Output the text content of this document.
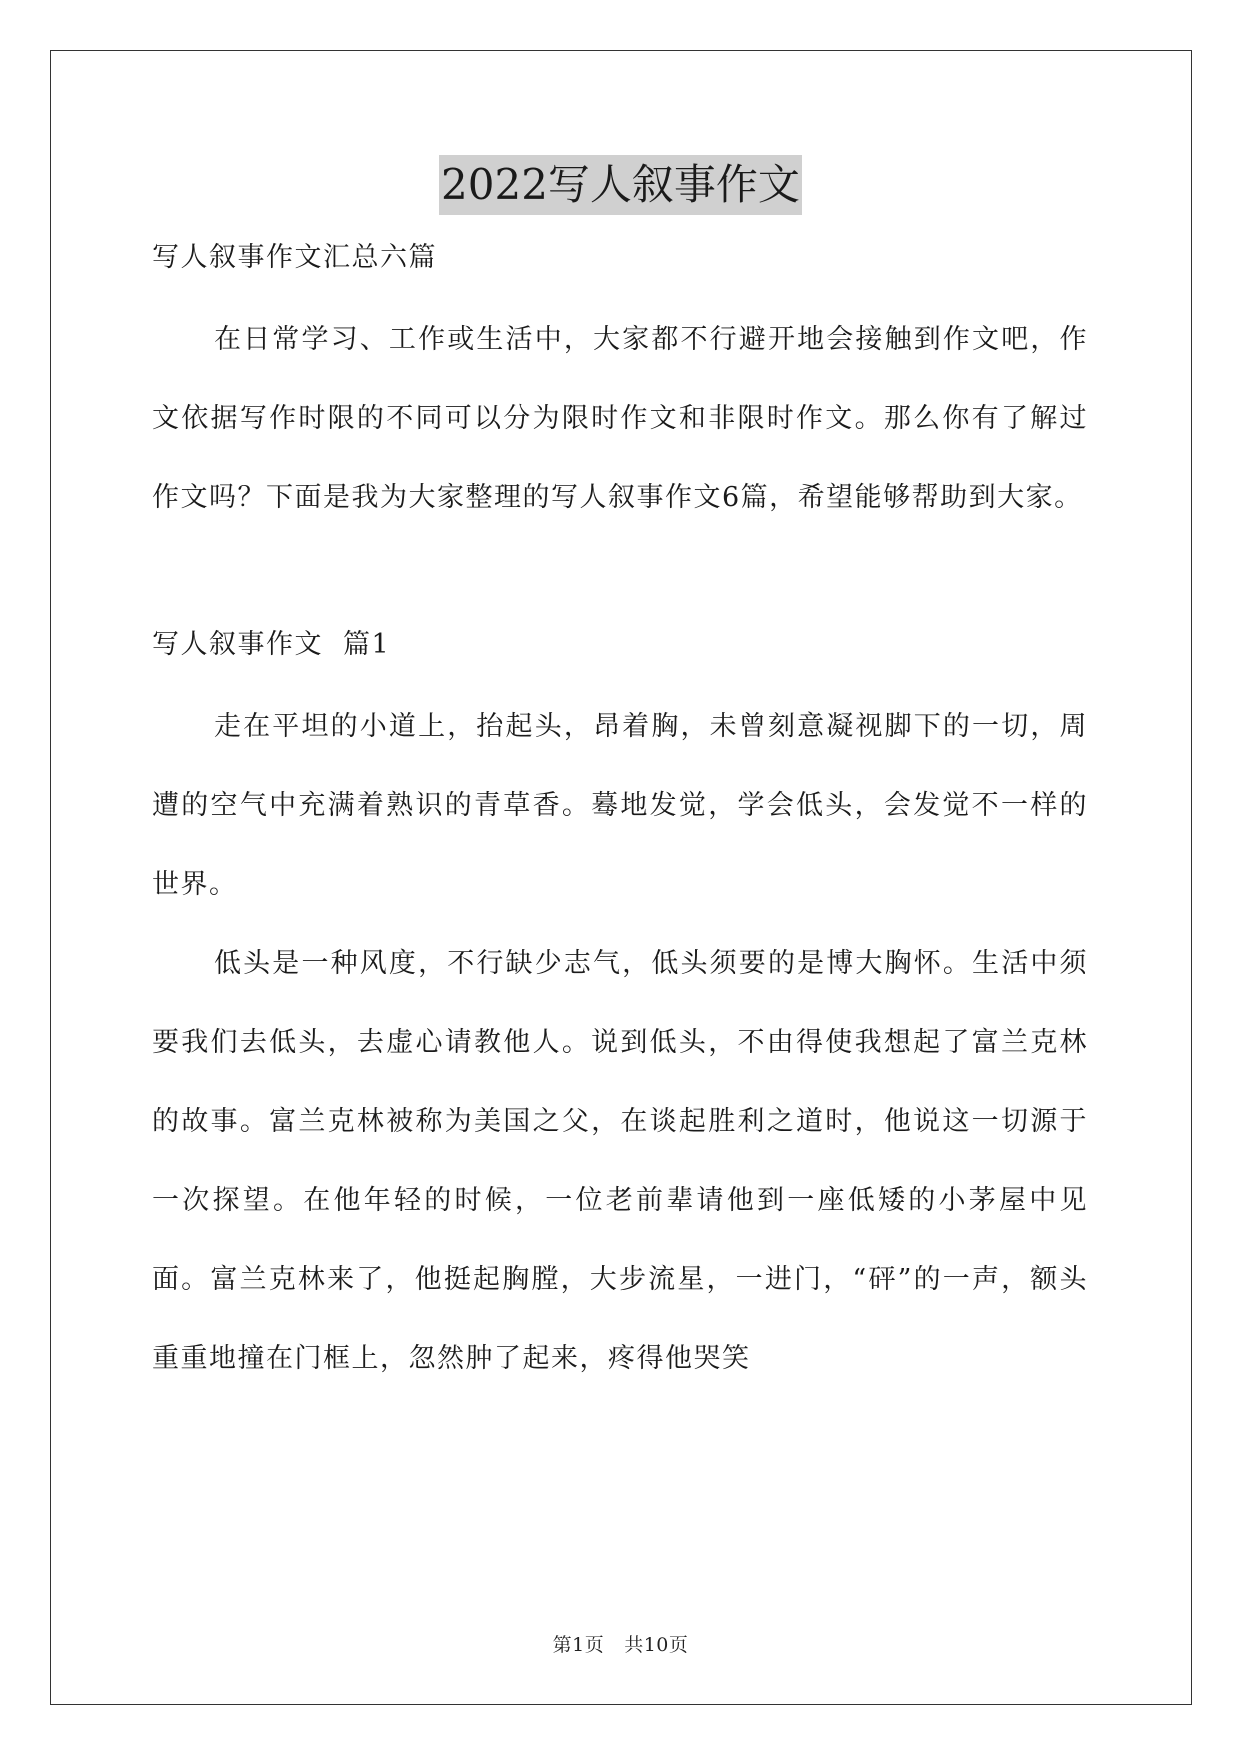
2022写人叙事作文

写人叙事作文汇总六篇

在日常学习、工作或生活中，大家都不行避开地会接触到作文吧，作文依据写作时限的不同可以分为限时作文和非限时作文。那么你有了解过作文吗？下面是我为大家整理的写人叙事作文6篇，希望能够帮助到大家。

写人叙事作文 篇1

走在平坦的小道上，抬起头，昂着胸，未曾刻意凝视脚下的一切，周遭的空气中充满着熟识的青草香。蓦地发觉，学会低头，会发觉不一样的世界。

低头是一种风度，不行缺少志气，低头须要的是博大胸怀。生活中须要我们去低头，去虚心请教他人。说到低头，不由得使我想起了富兰克林的故事。富兰克林被称为美国之父，在谈起胜利之道时，他说这一切源于一次探望。在他年轻的时候，一位老前辈请他到一座低矮的小茅屋中见面。富兰克林来了，他挺起胸膛，大步流星，一进门，“砰”的一声，额头重重地撞在门框上，忽然肿了起来，疼得他哭笑

第1页 共10页
